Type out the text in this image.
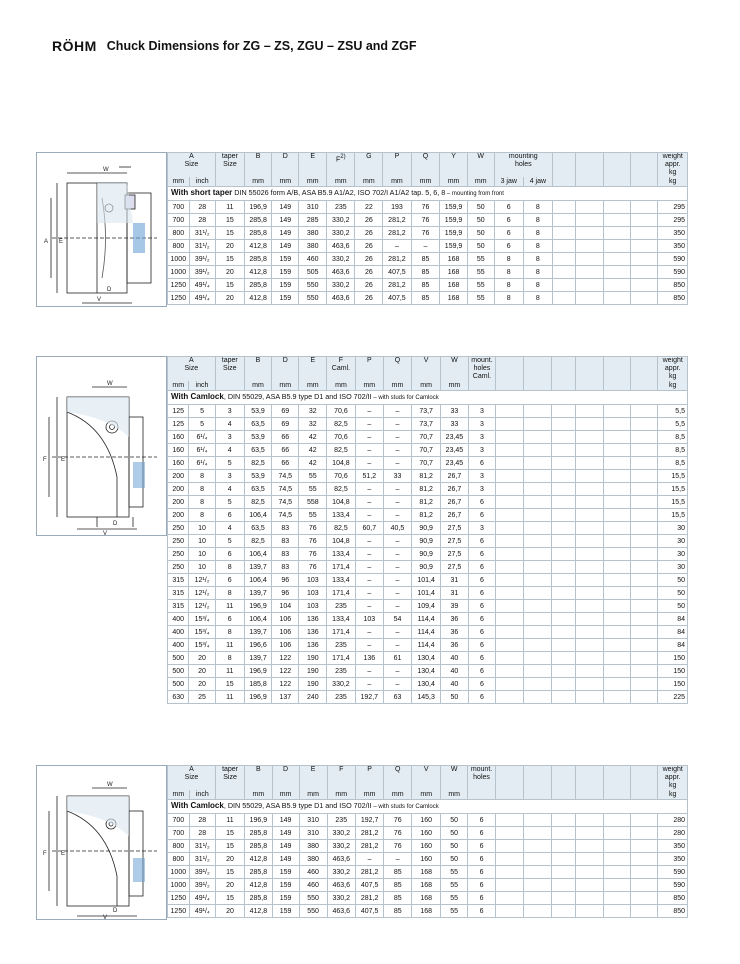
RÖHM Chuck Dimensions for ZG – ZS, ZGU – ZSU and ZGF
W
A E
V
D
A
Size		taper
Size	B	D	E	$F^{2)}$	G	P	Q	Y	W	mounting
holes						weight
appr.
kg
mm	inch		mm	mm	mm	mm	mm	mm	mm	mm	mm	3 jaw	4 jaw					kg
With short taper DIN 55026 form A/B, ASA B5.9 A1/A2, ISO 702/I A1/A2 tap. 5, 6, 8 – mounting from front																		
700	28	11	196,9	149	310	235	22	193	76	159,9	50	6	8					295
700	28	15	285,8	149	285	330,2	26	281,2	76	159,9	50	6	8					295
800	31¹/₂	15	285,8	149	380	330,2	26	281,2	76	159,9	50	6	8					350
800	31¹/₂	20	412,8	149	380	463,6	26	–	–	159,9	50	6	8					350
1000	39¹/₂	15	285,8	159	460	330,2	26	281,2	85	168	55	8	8					590
1000	39¹/₂	20	412,8	159	505	463,6	26	407,5	85	168	55	8	8					590
1250	49¹/₄	15	285,8	159	550	330,2	26	281,2	85	168	55	8	8					850
1250	49¹/₄	20	412,8	159	550	463,6	26	407,5	85	168	55	8	8					850
W
F E
D
V
A
Size		taper
Size	B	D	E	F
Caml.	P	Q	V	W	mount.
holes
Caml.							weight
appr.
kg
mm	inch		mm	mm	mm	mm	mm	mm	mm	mm								kg
With Camlock, DIN 55029, ASA B5.9 type D1 and ISO 702/II – with studs for Camlock																		
125	5	3	53,9	69	32	70,6	–	–	73,7	33	3							5,5
125	5	4	63,5	69	32	82,5	–	–	73,7	33	3							5,5
160	6¹/₄	3	53,9	66	42	70,6	–	–	70,7	23,45	3							8,5
160	6¹/₄	4	63,5	66	42	82,5	–	–	70,7	23,45	3							8,5
160	6¹/₄	5	82,5	66	42	104,8	–	–	70,7	23,45	6							8,5
200	8	3	53,9	74,5	55	70,6	51,2	33	81,2	26,7	3							15,5
200	8	4	63,5	74,5	55	82,5	–	–	81,2	26,7	3							15,5
200	8	5	82,5	74,5	558	104,8	–	–	81,2	26,7	6							15,5
200	8	6	106,4	74,5	55	133,4	–	–	81,2	26,7	6							15,5
250	10	4	63,5	83	76	82,5	60,7	40,5	90,9	27,5	3							30
250	10	5	82,5	83	76	104,8	–	–	90,9	27,5	6							30
250	10	6	106,4	83	76	133,4	–	–	90,9	27,5	6							30
250	10	8	139,7	83	76	171,4	–	–	90,9	27,5	6							30
315	12¹/₂	6	106,4	96	103	133,4	–	–	101,4	31	6							50
315	12¹/₂	8	139,7	96	103	171,4	–	–	101,4	31	6							50
315	12¹/₂	11	196,9	104	103	235	–	–	109,4	39	6							50
400	15³/₄	6	106,4	106	136	133,4	103	54	114,4	36	6							84
400	15³/₄	8	139,7	106	136	171,4	–	–	114,4	36	6							84
400	15³/₄	11	196,6	106	136	235	–	–	114,4	36	6							84
500	20	8	139,7	122	190	171,4	136	61	130,4	40	6							150
500	20	11	196,9	122	190	235	–	–	130,4	40	6							150
500	20	15	185,8	122	190	330,2	–	–	130,4	40	6							150
630	25	11	196,9	137	240	235	192,7	63	145,3	50	6							225
W
F E
D
V
A
Size		taper
Size	B	D	E	F	P	Q	V	W	mount.
holes							weight
appr.
kg
mm	inch		mm	mm	mm	mm	mm	mm	mm	mm								kg
With Camlock, DIN 55029, ASA B5.9 type D1 and ISO 702/II – with studs for Camlock																		
700	28	11	196,9	149	310	235	192,7	76	160	50	6							280
700	28	15	285,8	149	310	330,2	281,2	76	160	50	6							280
800	31¹/₂	15	285,8	149	380	330,2	281,2	76	160	50	6							350
800	31¹/₂	20	412,8	149	380	463,6	–	–	160	50	6							350
1000	39¹/₂	15	285,8	159	460	330,2	281,2	85	168	55	6							590
1000	39¹/₂	20	412,8	159	460	463,6	407,5	85	168	55	6							590
1250	49¹/₄	15	285,8	159	550	330,2	281,2	85	168	55	6							850
1250	49¹/₄	20	412,8	159	550	463,6	407,5	85	168	55	6							850
